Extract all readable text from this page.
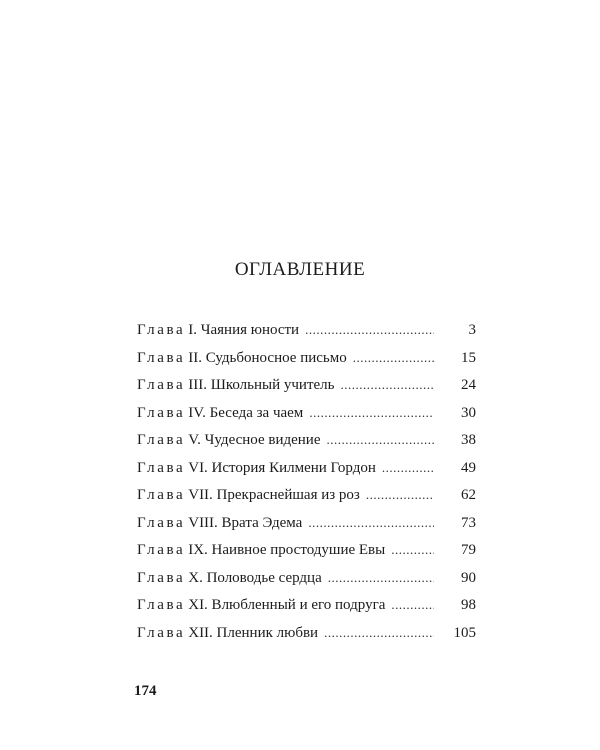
ОГЛАВЛЕНИЕ
Глава I. Чаяния юности .....	3
Глава II. Судьбоносное письмо .....	15
Глава III. Школьный учитель .....	24
Глава IV. Беседа за чаем .....	30
Глава V. Чудесное видение .....	38
Глава VI. История Килмени Гордон .....	49
Глава VII. Прекраснейшая из роз .....	62
Глава VIII. Врата Эдема .....	73
Глава IX. Наивное простодушие Евы .....	79
Глава X. Половодье сердца .....	90
Глава XI. Влюбленный и его подруга .....	98
Глава XII. Пленник любви .....	105
174
